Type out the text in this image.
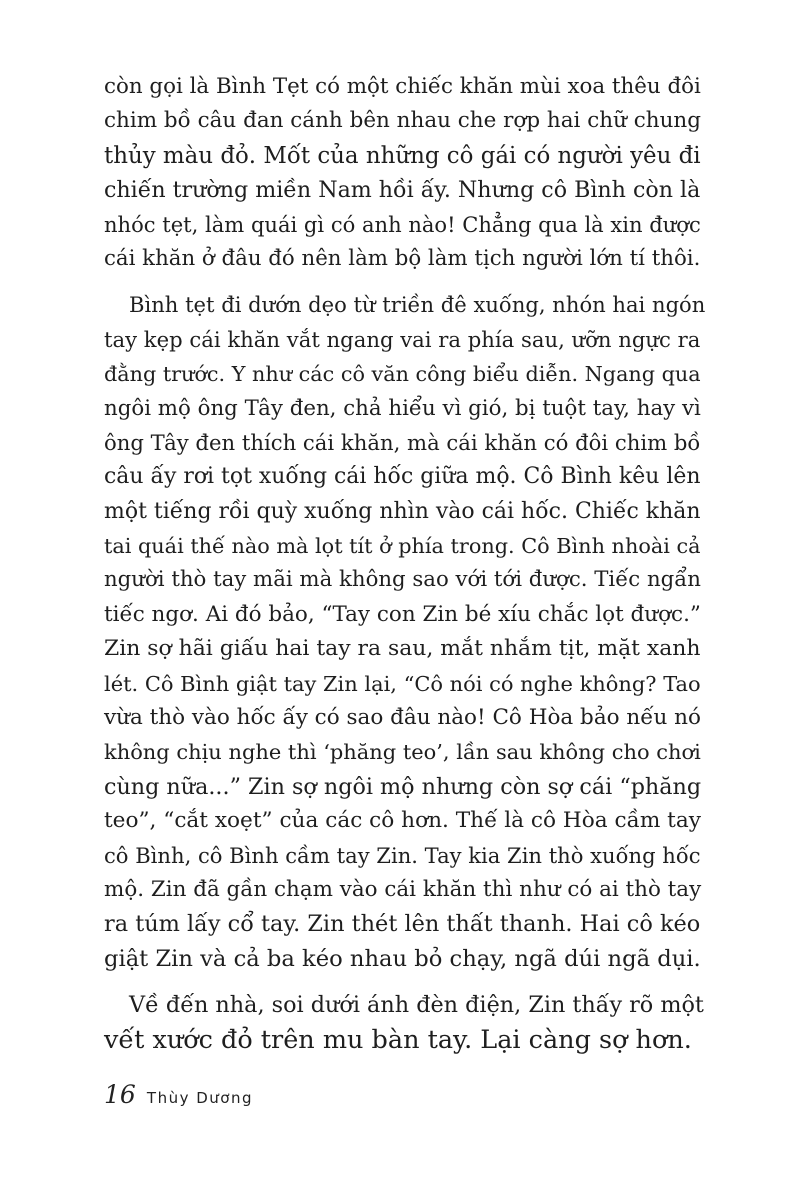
còn gọi là Bình Tẹt có một chiếc khăn mùi xoa thêu đôi
chim bồ câu đan cánh bên nhau che rợp hai chữ chung
thủy màu đỏ. Mốt của những cô gái có người yêu đi
chiến trường miền Nam hồi ấy. Nhưng cô Bình còn là
nhóc tẹt, làm quái gì có anh nào! Chẳng qua là xin được
cái khăn ở đâu đó nên làm bộ làm tịch người lớn tí thôi.
Bình tẹt đi dướn dẹo từ triền đê xuống, nhón hai ngón
tay kẹp cái khăn vắt ngang vai ra phía sau, ưỡn ngực ra
đằng trước. Y như các cô văn công biểu diễn. Ngang qua
ngôi mộ ông Tây đen, chả hiểu vì gió, bị tuột tay, hay vì
ông Tây đen thích cái khăn, mà cái khăn có đôi chim bồ
câu ấy rơi tọt xuống cái hốc giữa mộ. Cô Bình kêu lên
một tiếng rồi quỳ xuống nhìn vào cái hốc. Chiếc khăn
tai quái thế nào mà lọt tít ở phía trong. Cô Bình nhoài cả
người thò tay mãi mà không sao với tới được. Tiếc ngẩn
tiếc ngơ. Ai đó bảo, “Tay con Zin bé xíu chắc lọt được.”
Zin sợ hãi giấu hai tay ra sau, mắt nhắm tịt, mặt xanh
lét. Cô Bình giật tay Zin lại, “Cô nói có nghe không? Tao
vừa thò vào hốc ấy có sao đâu nào! Cô Hòa bảo nếu nó
không chịu nghe thì ‘phăng teo’, lần sau không cho chơi
cùng nữa...” Zin sợ ngôi mộ nhưng còn sợ cái “phăng
teo”, “cắt xoẹt” của các cô hơn. Thế là cô Hòa cầm tay
cô Bình, cô Bình cầm tay Zin. Tay kia Zin thò xuống hốc
mộ. Zin đã gần chạm vào cái khăn thì như có ai thò tay
ra túm lấy cổ tay. Zin thét lên thất thanh. Hai cô kéo
giật Zin và cả ba kéo nhau bỏ chạy, ngã dúi ngã dụi.
Về đến nhà, soi dưới ánh đèn điện, Zin thấy rõ một
vết xước đỏ trên mu bàn tay. Lại càng sợ hơn.
16 Thùy Dương
